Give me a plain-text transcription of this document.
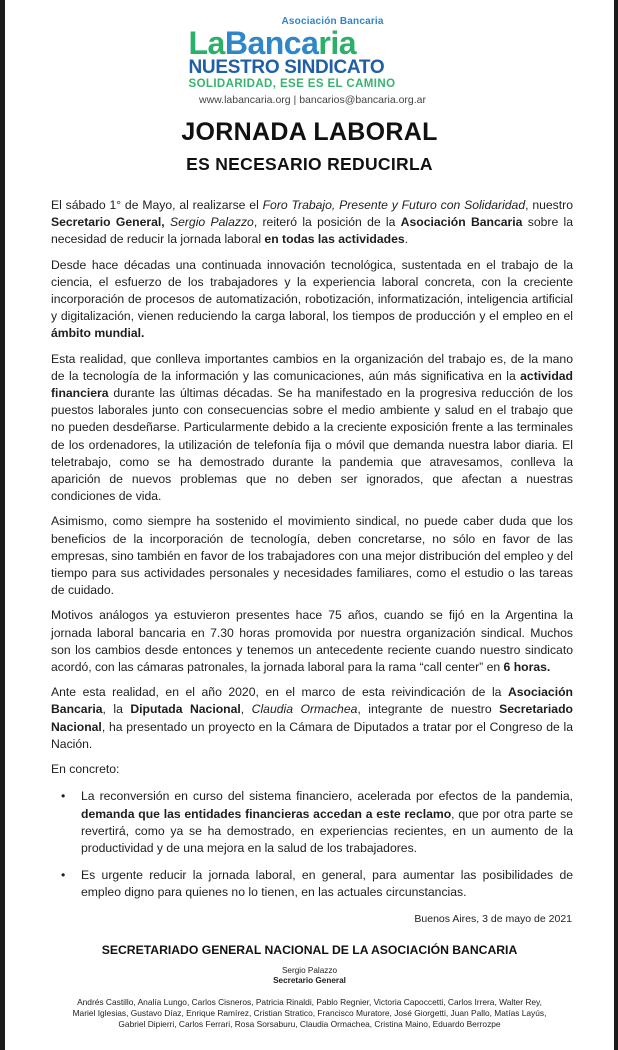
Asociación Bancaria
LaBancaria
NUESTRO SINDICATO
SOLIDARIDAD, ESE ES EL CAMINO
www.labancaria.org | bancarios@bancaria.org.ar
JORNADA LABORAL
ES NECESARIO REDUCIRLA

El sábado 1° de Mayo, al realizarse el Foro Trabajo, Presente y Futuro con Solidaridad, nuestro Secretario General, Sergio Palazzo, reiteró la posición de la Asociación Bancaria sobre la necesidad de reducir la jornada laboral en todas las actividades.

Desde hace décadas una continuada innovación tecnológica, sustentada en el trabajo de la ciencia, el esfuerzo de los trabajadores y la experiencia laboral concreta, con la creciente incorporación de procesos de automatización, robotización, informatización, inteligencia artificial y digitalización, vienen reduciendo la carga laboral, los tiempos de producción y el empleo en el ámbito mundial.

Esta realidad, que conlleva importantes cambios en la organización del trabajo es, de la mano de la tecnología de la información y las comunicaciones, aún más significativa en la actividad financiera durante las últimas décadas. Se ha manifestado en la progresiva reducción de los puestos laborales junto con consecuencias sobre el medio ambiente y salud en el trabajo que no pueden desdeñarse. Particularmente debido a la creciente exposición frente a las terminales de los ordenadores, la utilización de telefonía fija o móvil que demanda nuestra labor diaria. El teletrabajo, como se ha demostrado durante la pandemia que atravesamos, conlleva la aparición de nuevos problemas que no deben ser ignorados, que afectan a nuestras condiciones de vida.

Asimismo, como siempre ha sostenido el movimiento sindical, no puede caber duda que los beneficios de la incorporación de tecnología, deben concretarse, no sólo en favor de las empresas, sino también en favor de los trabajadores con una mejor distribución del empleo y del tiempo para sus actividades personales y necesidades familiares, como el estudio o las tareas de cuidado.

Motivos análogos ya estuvieron presentes hace 75 años, cuando se fijó en la Argentina la jornada laboral bancaria en 7.30 horas promovida por nuestra organización sindical. Muchos son los cambios desde entonces y tenemos un antecedente reciente cuando nuestro sindicato acordó, con las cámaras patronales, la jornada laboral para la rama “call center” en 6 horas.

Ante esta realidad, en el año 2020, en el marco de esta reivindicación de la Asociación Bancaria, la Diputada Nacional, Claudia Ormachea, integrante de nuestro Secretariado Nacional, ha presentado un proyecto en la Cámara de Diputados a tratar por el Congreso de la Nación.

En concreto:

• La reconversión en curso del sistema financiero, acelerada por efectos de la pandemia, demanda que las entidades financieras accedan a este reclamo, que por otra parte se revertirá, como ya se ha demostrado, en experiencias recientes, en un aumento de la productividad y de una mejora en la salud de los trabajadores.
• Es urgente reducir la jornada laboral, en general, para aumentar las posibilidades de empleo digno para quienes no lo tienen, en las actuales circunstancias.
Buenos Aires, 3 de mayo de 2021
SECRETARIADO GENERAL NACIONAL DE LA ASOCIACIÓN BANCARIA
Sergio Palazzo
Secretario General
Andrés Castillo, Analía Lungo, Carlos Cisneros, Patricia Rinaldi, Pablo Regnier, Victoria Capoccetti, Carlos Irrera, Walter Rey,
Mariel Iglesias, Gustavo Díaz, Enrique Ramírez, Cristian Stratico, Francisco Muratore, José Giorgetti, Juan Pallo, Matías Layús,
Gabriel Dipierri, Carlos Ferrari, Rosa Sorsaburu, Claudia Ormachea, Cristina Maino, Eduardo Berrozpe
